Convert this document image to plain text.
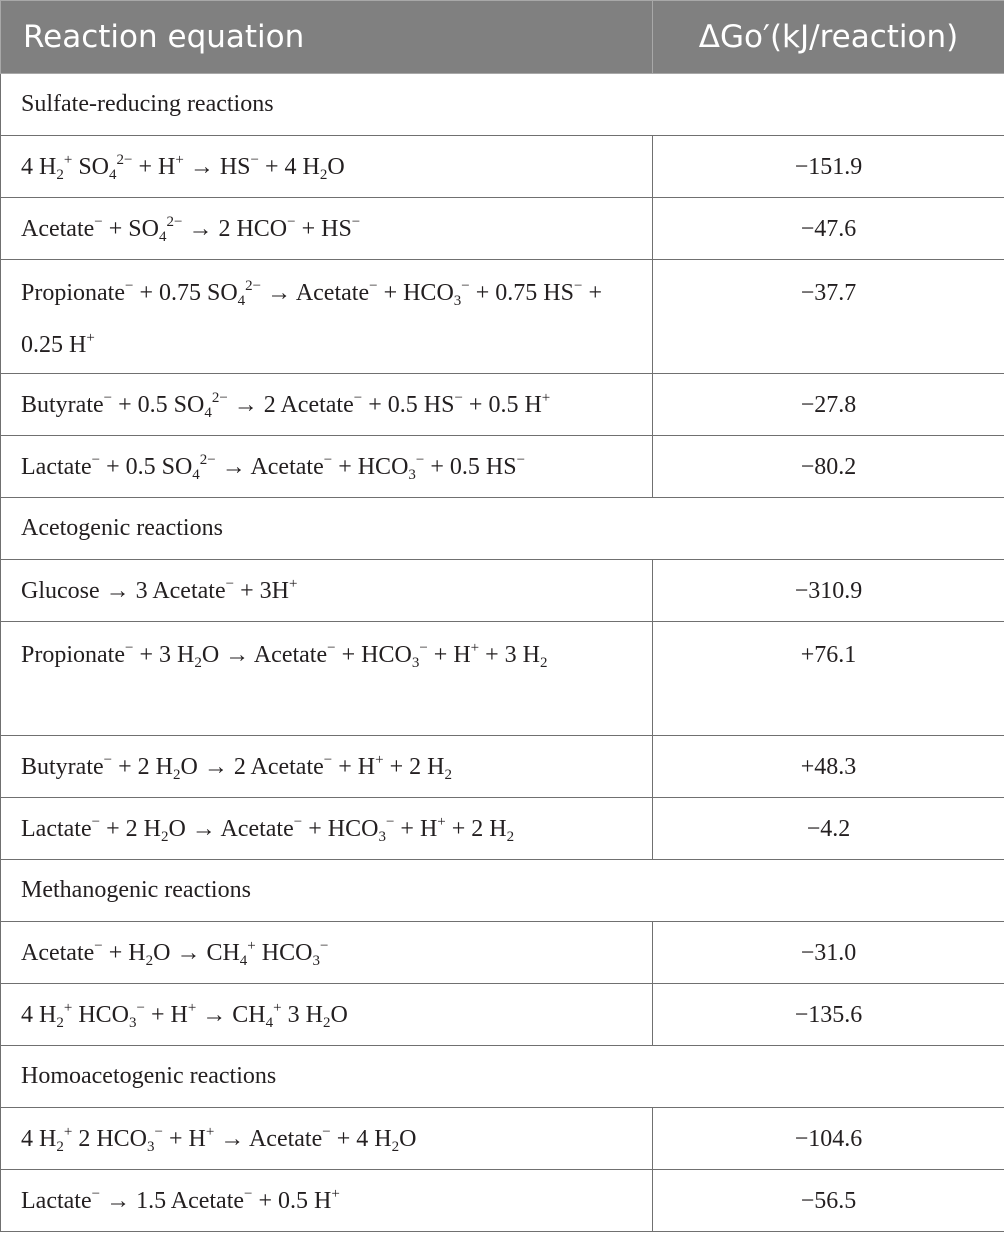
Reaction equation	ΔGo′(kJ/reaction)
Sulfate-reducing reactions	
4 $H_2^+$ $SO_4^{2-} + H^+ \to HS^- + 4$ $H_2O$	−151.9
Acetate− + $SO_4^{2-} \to 2$ HCO− + HS−	−47.6
Propionate− + 0.75 $SO_4^{2-}$ → Acetate− + $HCO_3^- + 0.75$ HS− + 0.25 H+	−37.7
Butyrate− + 0.5 $SO_4^{2-} \to 2$ Acetate− + 0.5 HS− + 0.5 H+	−27.8
Lactate− + 0.5 $SO_4^{2-}$ → Acetate− + $HCO_3^- + 0.5$ HS−	−80.2
Acetogenic reactions	
Glucose → 3 Acetate− + 3H+	−310.9
Propionate− + 3 $H_2O$ → Acetate− + $HCO_3^- + H^+ + 3$ $H_2$	+76.1
Butyrate− + 2 $H_2O \to 2$ Acetate− + H+ + 2 $H_2$	+48.3
Lactate− + 2 $H_2O$ → Acetate− + $HCO_3^- + H^+ + 2$ $H_2$	−4.2
Methanogenic reactions	
Acetate− + $H_2O \to CH_4^+$ $HCO_3^-$	−31.0
4 $H_2^+$ $HCO_3^- + H^+ \to CH_4^+$ 3 $H_2O$	−135.6
Homoacetogenic reactions	
4 $H_2^+$ 2 $HCO_3^- + H^+$ → Acetate− + 4 $H_2O$	−104.6
Lactate− → 1.5 Acetate− + 0.5 H+	−56.5
